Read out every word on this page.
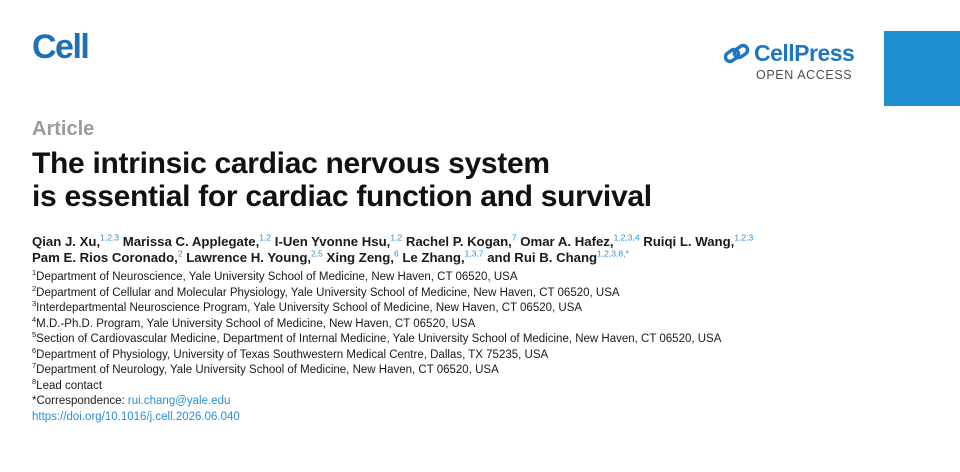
Cell	CellPress
OPEN ACCESS
Article
The intrinsic cardiac nervous system
is essential for cardiac function and survival
Qian J. Xu,$^{1,2,3}$ Marissa C. Applegate,$^{1,2}$ I-Uen Yvonne Hsu,$^{1,2}$ Rachel P. Kogan,$^7$ Omar A. Hafez,$^{1,2,3,4}$ Ruiqi L. Wang,$^{1,2,3}$
Pam E. Rios Coronado,$^2$ Lawrence H. Young,$^{2,5}$ Xing Zeng,$^6$ Le Zhang,$^{1,3,7}$ and Rui B. Chang$^{1,2,3,8,*}$
$^1$Department of Neuroscience, Yale University School of Medicine, New Haven, CT 06520, USA
$^2$Department of Cellular and Molecular Physiology, Yale University School of Medicine, New Haven, CT 06520, USA
$^3$Interdepartmental Neuroscience Program, Yale University School of Medicine, New Haven, CT 06520, USA
$^4$M.D.-Ph.D. Program, Yale University School of Medicine, New Haven, CT 06520, USA
$^5$Section of Cardiovascular Medicine, Department of Internal Medicine, Yale University School of Medicine, New Haven, CT 06520, USA
$^6$Department of Physiology, University of Texas Southwestern Medical Centre, Dallas, TX 75235, USA
$^7$Department of Neurology, Yale University School of Medicine, New Haven, CT 06520, USA
$^8$Lead contact
*Correspondence: rui.chang@yale.edu
https://doi.org/10.1016/j.cell.2026.06.040
